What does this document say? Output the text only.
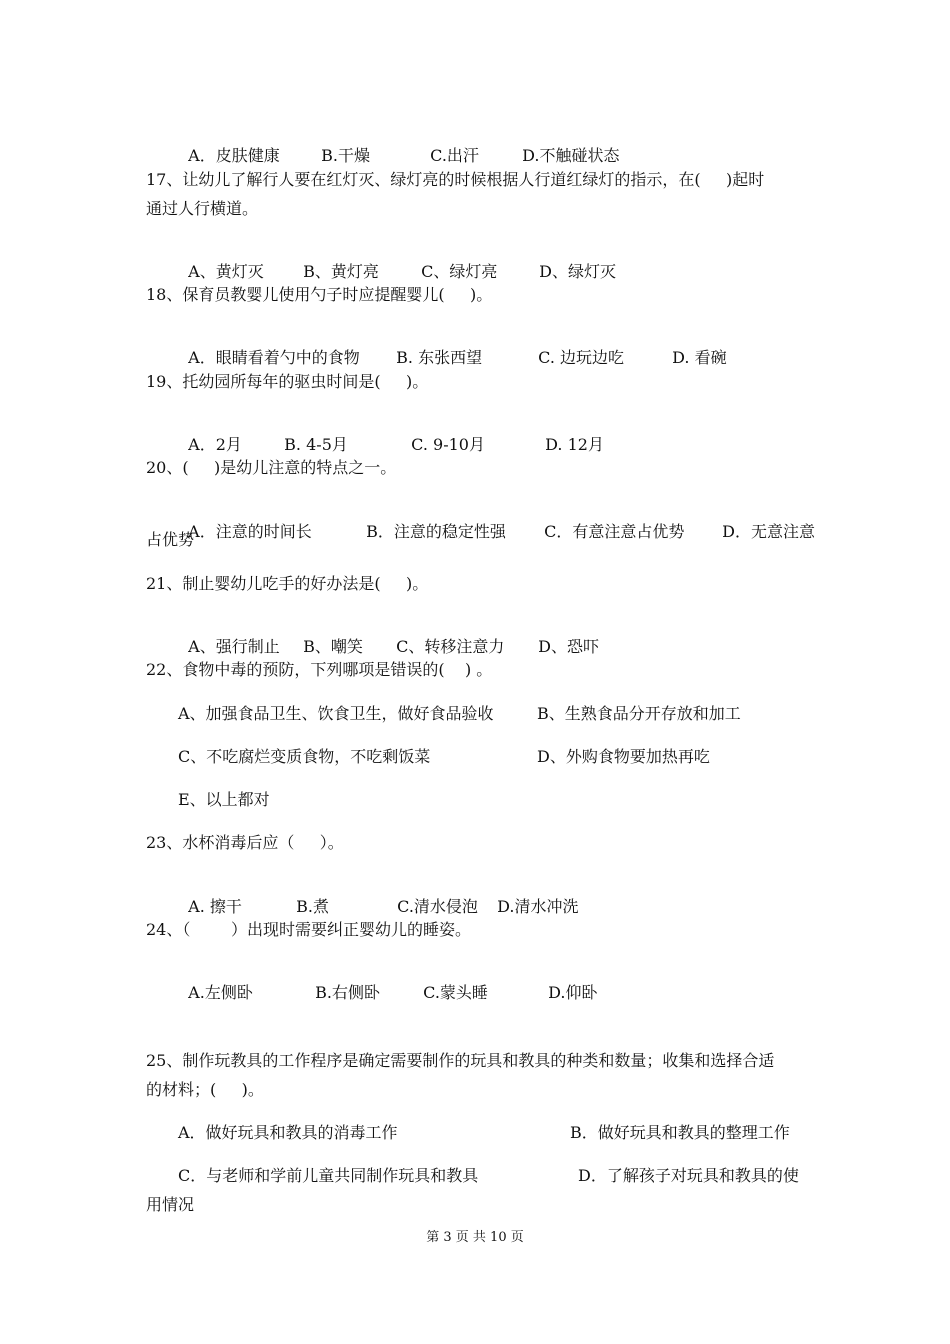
A．皮肤健康	B.干燥	C.出汗	D.不触碰状态

17、让幼儿了解行人要在红灯灭、绿灯亮的时候根据人行道红绿灯的指示，在(     )起时
通过人行横道。

A、黄灯灭 B、黄灯亮	C、绿灯亮	D、绿灯灭

18、保育员教婴儿使用勺子时应提醒婴儿(     )。

A．眼睛看着勺中的食物 B. 东张西望	C. 边玩边吃	D. 看碗

19、托幼园所每年的驱虫时间是(     )。

A．2月	B. 4-5月	C. 9-10月	D. 12月

20、(     )是幼儿注意的特点之一。

A．注意的时间长	B．注意的稳定性强 C．有意注意占优势 D．无意注意

占优势
21、制止婴幼儿吃手的好办法是(     )。

A、强行制止 B、嘲笑 C、转移注意力 D、恐吓

22、食物中毒的预防，下列哪项是错误的(    ) 。
A、加强食品卫生、饮食卫生，做好食品验收	B、生熟食品分开存放和加工
C、不吃腐烂变质食物，不吃剩饭菜	D、外购食物要加热再吃
E、以上都对
23、水杯消毒后应（     ）。

A. 擦干	B.煮	C.清水侵泡 D.清水冲洗

24、（        ）出现时需要纠正婴幼儿的睡姿。

A.左侧卧	B.右侧卧	C.蒙头睡	D.仰卧

25、制作玩教具的工作程序是确定需要制作的玩具和教具的种类和数量；收集和选择合适
的材料；(     )。
A．做好玩具和教具的消毒工作	B．做好玩具和教具的整理工作
C．与老师和学前儿童共同制作玩具和教具	D．了解孩子对玩具和教具的使
用情况
第 3 页 共 10 页
